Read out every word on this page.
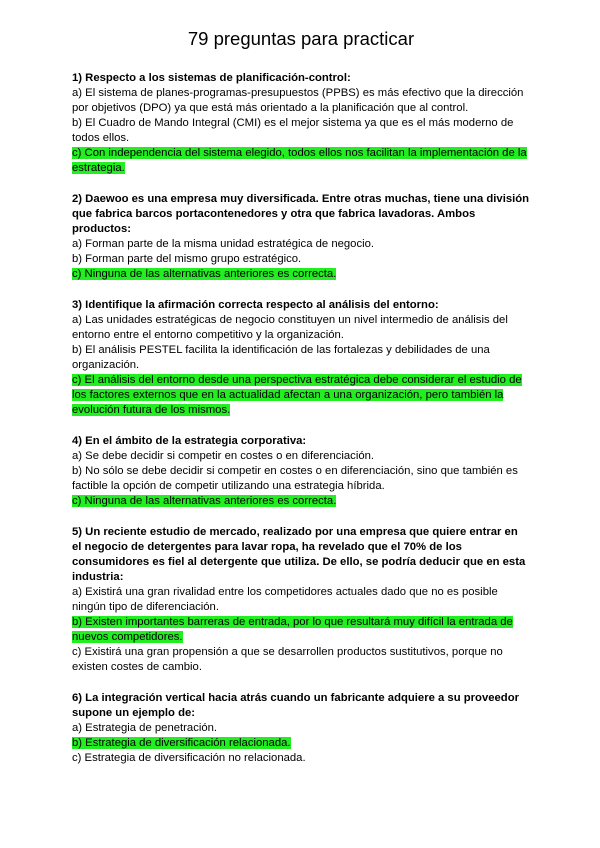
79 preguntas para practicar
1) Respecto a los sistemas de planificación-control:
a) El sistema de planes-programas-presupuestos (PPBS) es más efectivo que la dirección por objetivos (DPO) ya que está más orientado a la planificación que al control.
b) El Cuadro de Mando Integral (CMI) es el mejor sistema ya que es el más moderno de todos ellos.
c) Con independencia del sistema elegido, todos ellos nos facilitan la implementación de la estrategia.
2) Daewoo es una empresa muy diversificada. Entre otras muchas, tiene una división que fabrica barcos portacontenedores y otra que fabrica lavadoras. Ambos productos:
a) Forman parte de la misma unidad estratégica de negocio.
b) Forman parte del mismo grupo estratégico.
c) Ninguna de las alternativas anteriores es correcta.
3) Identifique la afirmación correcta respecto al análisis del entorno:
a) Las unidades estratégicas de negocio constituyen un nivel intermedio de análisis del entorno entre el entorno competitivo y la organización.
b) El análisis PESTEL facilita la identificación de las fortalezas y debilidades de una organización.
c) El análisis del entorno desde una perspectiva estratégica debe considerar el estudio de los factores externos que en la actualidad afectan a una organización, pero también la evolución futura de los mismos.
4) En el ámbito de la estrategia corporativa:
a) Se debe decidir si competir en costes o en diferenciación.
b) No sólo se debe decidir si competir en costes o en diferenciación, sino que también es factible la opción de competir utilizando una estrategia híbrida.
c) Ninguna de las alternativas anteriores es correcta.
5) Un reciente estudio de mercado, realizado por una empresa que quiere entrar en el negocio de detergentes para lavar ropa, ha revelado que el 70% de los consumidores es fiel al detergente que utiliza. De ello, se podría deducir que en esta industria:
a) Existirá una gran rivalidad entre los competidores actuales dado que no es posible ningún tipo de diferenciación.
b) Existen importantes barreras de entrada, por lo que resultará muy difícil la entrada de nuevos competidores.
c) Existirá una gran propensión a que se desarrollen productos sustitutivos, porque no existen costes de cambio.
6) La integración vertical hacia atrás cuando un fabricante adquiere a su proveedor supone un ejemplo de:
a) Estrategia de penetración.
b) Estrategia de diversificación relacionada.
c) Estrategia de diversificación no relacionada.
